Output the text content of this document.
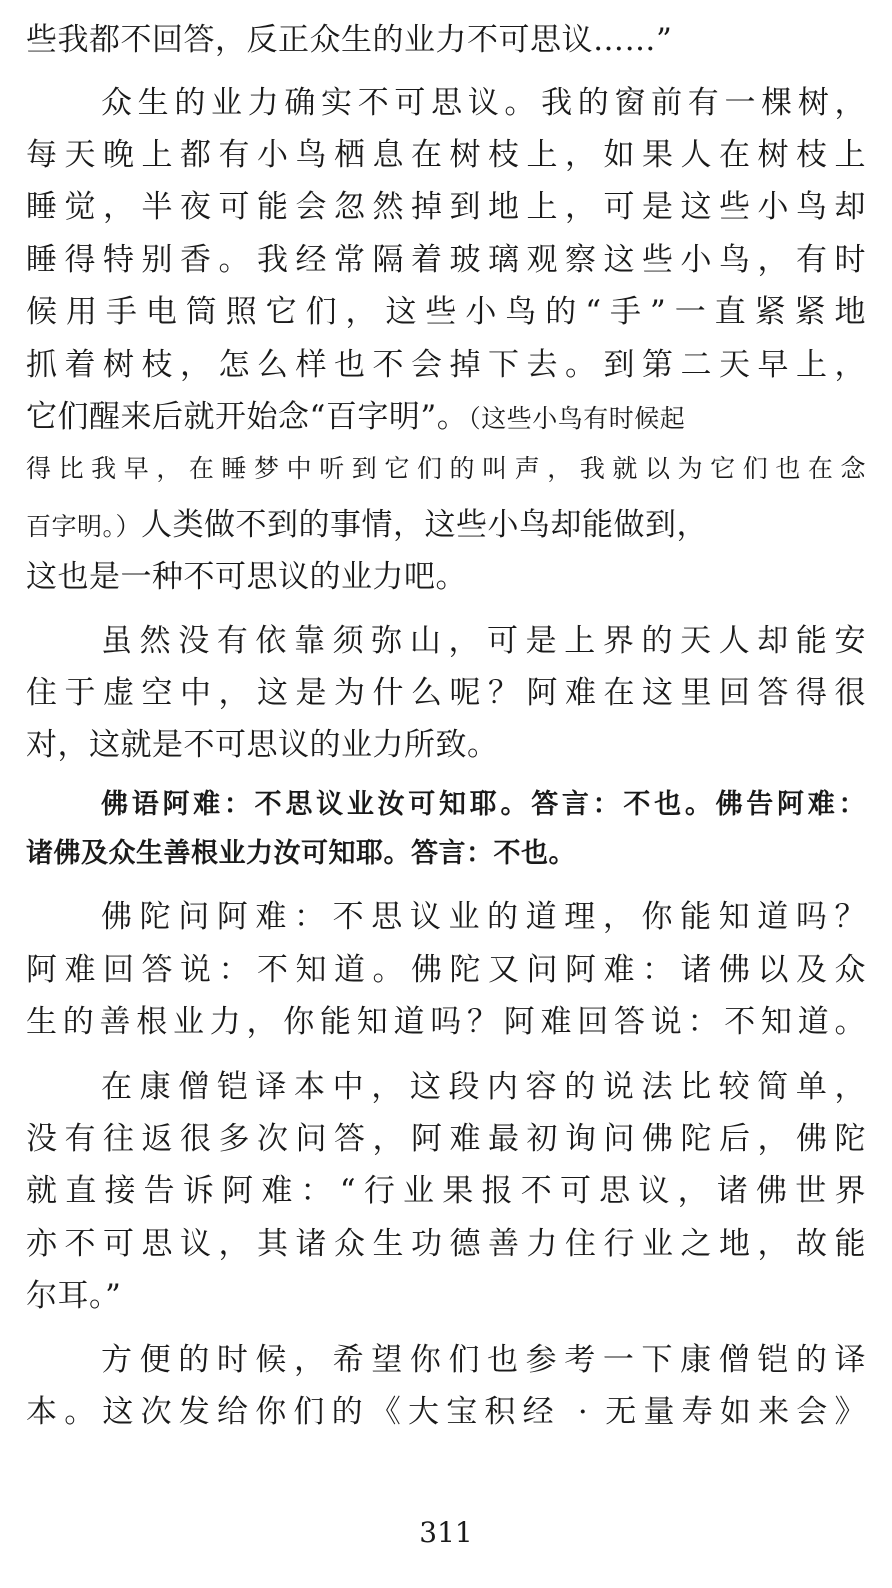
些我都不回答，反正众生的业力不可思议……”
众生的业力确实不可思议。我的窗前有一棵树，
每天晚上都有小鸟栖息在树枝上，如果人在树枝上
睡觉，半夜可能会忽然掉到地上，可是这些小鸟却
睡得特别香。我经常隔着玻璃观察这些小鸟，有时
候用手电筒照它们，这些小鸟的“手”一直紧紧地
抓着树枝，怎么样也不会掉下去。到第二天早上，
它们醒来后就开始念“百字明”。（这些小鸟有时候起
得比我早，在睡梦中听到它们的叫声，我就以为它们也在念
百字明。）人类做不到的事情，这些小鸟却能做到，
这也是一种不可思议的业力吧。
虽然没有依靠须弥山，可是上界的天人却能安
住于虚空中，这是为什么呢？阿难在这里回答得很
对，这就是不可思议的业力所致。
佛语阿难：不思议业汝可知耶。答言：不也。佛告阿难：
诸佛及众生善根业力汝可知耶。答言：不也。
佛陀问阿难：不思议业的道理，你能知道吗？
阿难回答说：不知道。佛陀又问阿难：诸佛以及众
生的善根业力，你能知道吗？阿难回答说：不知道。
在康僧铠译本中，这段内容的说法比较简单，
没有往返很多次问答，阿难最初询问佛陀后，佛陀
就直接告诉阿难：“行业果报不可思议，诸佛世界
亦不可思议，其诸众生功德善力住行业之地，故能
尔耳。”
方便的时候，希望你们也参考一下康僧铠的译
本。这次发给你们的《大宝积经 · 无量寿如来会》
311
